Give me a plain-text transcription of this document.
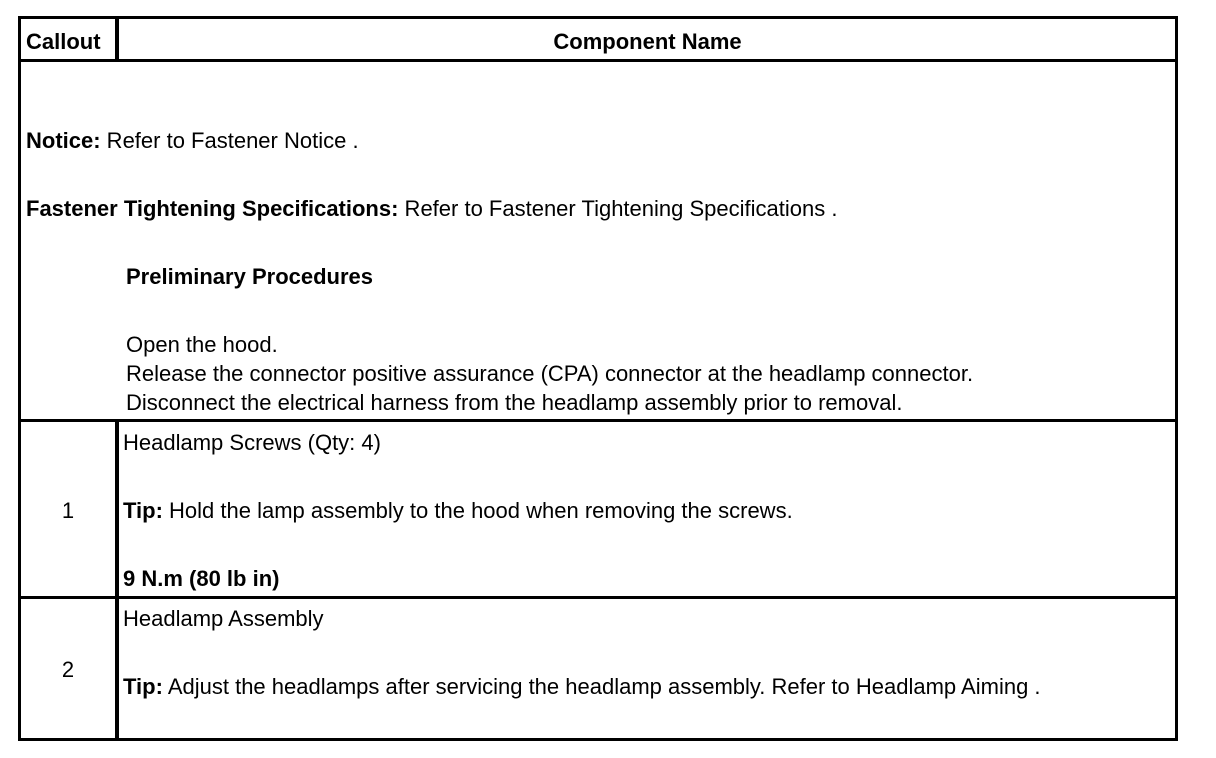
Callout	Component Name
Notice: Refer to Fastener Notice .
Fastener Tightening Specifications: Refer to Fastener Tightening Specifications .
Preliminary Procedures
Open the hood.
Release the connector positive assurance (CPA) connector at the headlamp connector.
Disconnect the electrical harness from the headlamp assembly prior to removal.
1
Headlamp Screws (Qty: 4)
Tip: Hold the lamp assembly to the hood when removing the screws.
9 N.m (80 lb in)
2
Headlamp Assembly
Tip: Adjust the headlamps after servicing the headlamp assembly. Refer to Headlamp Aiming .
